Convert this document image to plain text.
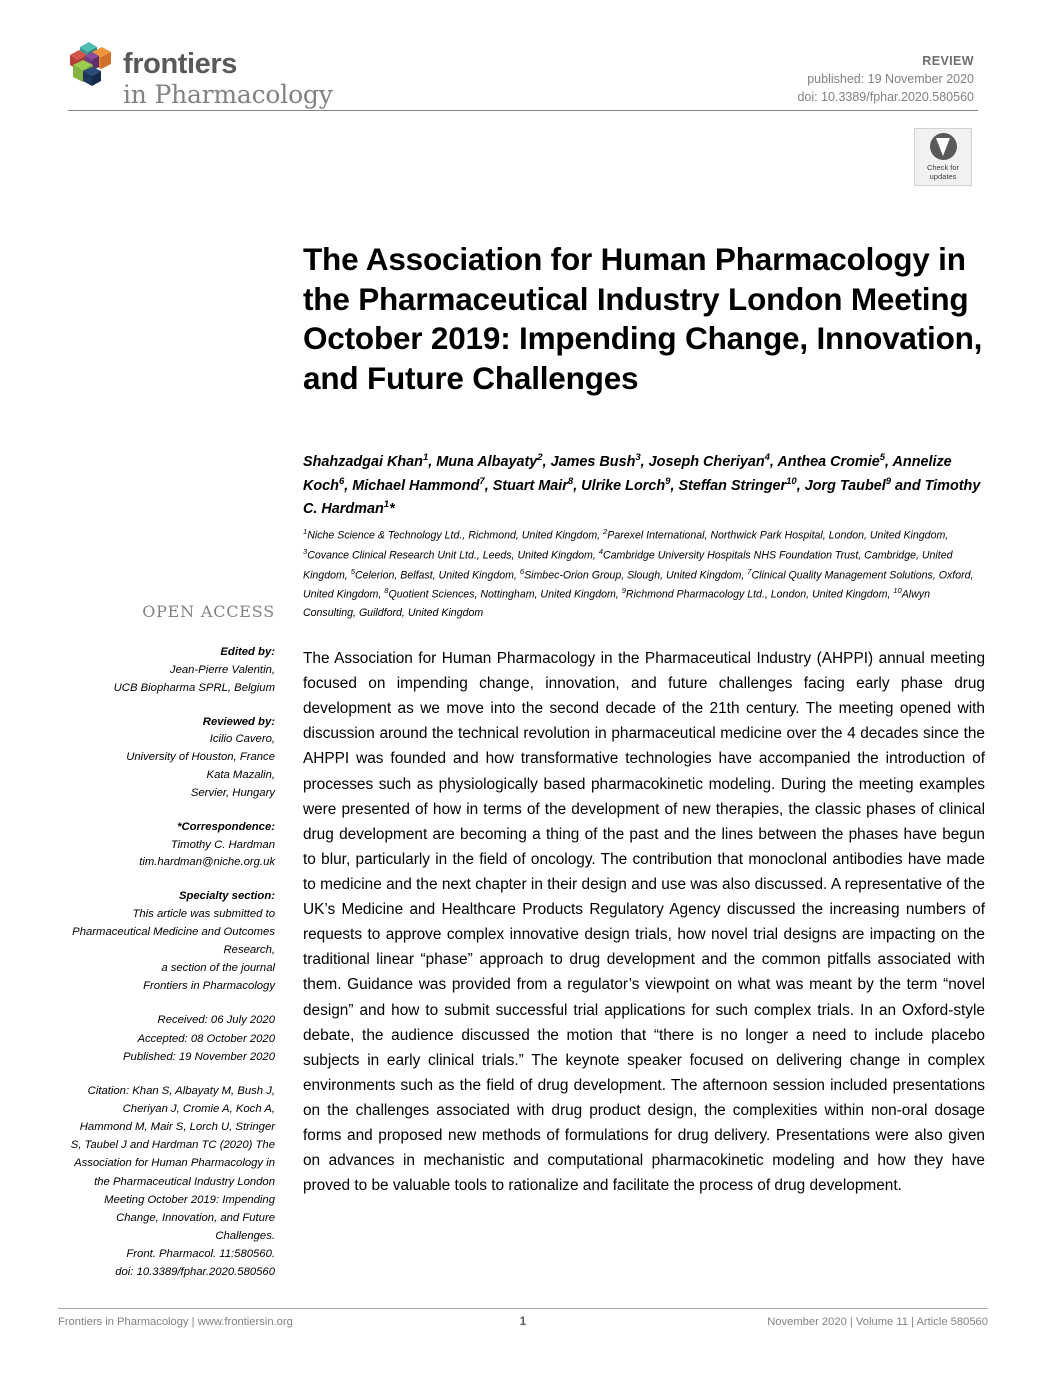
frontiers
in Pharmacology
REVIEW
published: 19 November 2020
doi: 10.3389/fphar.2020.580560
Check for
updates
The Association for Human Pharmacology in the Pharmaceutical Industry London Meeting October 2019: Impending Change, Innovation, and Future Challenges
Shahzadgai Khan$^1$, Muna Albayaty$^2$, James Bush$^3$, Joseph Cheriyan$^4$, Anthea Cromie$^5$, Annelize Koch$^6$, Michael Hammond$^7$, Stuart Mair$^8$, Ulrike Lorch$^9$, Steffan Stringer$^{10}$, Jorg Taubel$^9$ and Timothy C. Hardman$^1$*
$^1$Niche Science & Technology Ltd., Richmond, United Kingdom, $^2$Parexel International, Northwick Park Hospital, London, United Kingdom, $^3$Covance Clinical Research Unit Ltd., Leeds, United Kingdom, $^4$Cambridge University Hospitals NHS Foundation Trust, Cambridge, United Kingdom, $^5$Celerion, Belfast, United Kingdom, $^6$Simbec-Orion Group, Slough, United Kingdom, $^7$Clinical Quality Management Solutions, Oxford, United Kingdom, $^8$Quotient Sciences, Nottingham, United Kingdom, $^9$Richmond Pharmacology Ltd., London, United Kingdom, $^{10}$Alwyn Consulting, Guildford, United Kingdom
OPEN ACCESS
Edited by:
Jean-Pierre Valentin,
UCB Biopharma SPRL, Belgium
Reviewed by:
Icilio Cavero,
University of Houston, France
Kata Mazalin,
Servier, Hungary
*Correspondence:
Timothy C. Hardman
tim.hardman@niche.org.uk
Specialty section:
This article was submitted to Pharmaceutical Medicine and Outcomes Research,
a section of the journal
Frontiers in Pharmacology
Received: 06 July 2020
Accepted: 08 October 2020
Published: 19 November 2020
Citation: Khan S, Albayaty M, Bush J, Cheriyan J, Cromie A, Koch A, Hammond M, Mair S, Lorch U, Stringer S, Taubel J and Hardman TC (2020) The Association for Human Pharmacology in the Pharmaceutical Industry London Meeting October 2019: Impending Change, Innovation, and Future Challenges.
Front. Pharmacol. 11:580560.
doi: 10.3389/fphar.2020.580560
The Association for Human Pharmacology in the Pharmaceutical Industry (AHPPI) annual meeting focused on impending change, innovation, and future challenges facing early phase drug development as we move into the second decade of the 21th century. The meeting opened with discussion around the technical revolution in pharmaceutical medicine over the 4 decades since the AHPPI was founded and how transformative technologies have accompanied the introduction of processes such as physiologically based pharmacokinetic modeling. During the meeting examples were presented of how in terms of the development of new therapies, the classic phases of clinical drug development are becoming a thing of the past and the lines between the phases have begun to blur, particularly in the field of oncology. The contribution that monoclonal antibodies have made to medicine and the next chapter in their design and use was also discussed. A representative of the UK’s Medicine and Healthcare Products Regulatory Agency discussed the increasing numbers of requests to approve complex innovative design trials, how novel trial designs are impacting on the traditional linear “phase” approach to drug development and the common pitfalls associated with them. Guidance was provided from a regulator’s viewpoint on what was meant by the term “novel design” and how to submit successful trial applications for such complex trials. In an Oxford-style debate, the audience discussed the motion that “there is no longer a need to include placebo subjects in early clinical trials.” The keynote speaker focused on delivering change in complex environments such as the field of drug development. The afternoon session included presentations on the challenges associated with drug product design, the complexities within non-oral dosage forms and proposed new methods of formulations for drug delivery. Presentations were also given on advances in mechanistic and computational pharmacokinetic modeling and how they have proved to be valuable tools to rationalize and facilitate the process of drug development.
Frontiers in Pharmacology | www.frontiersin.org	1	November 2020 | Volume 11 | Article 580560
